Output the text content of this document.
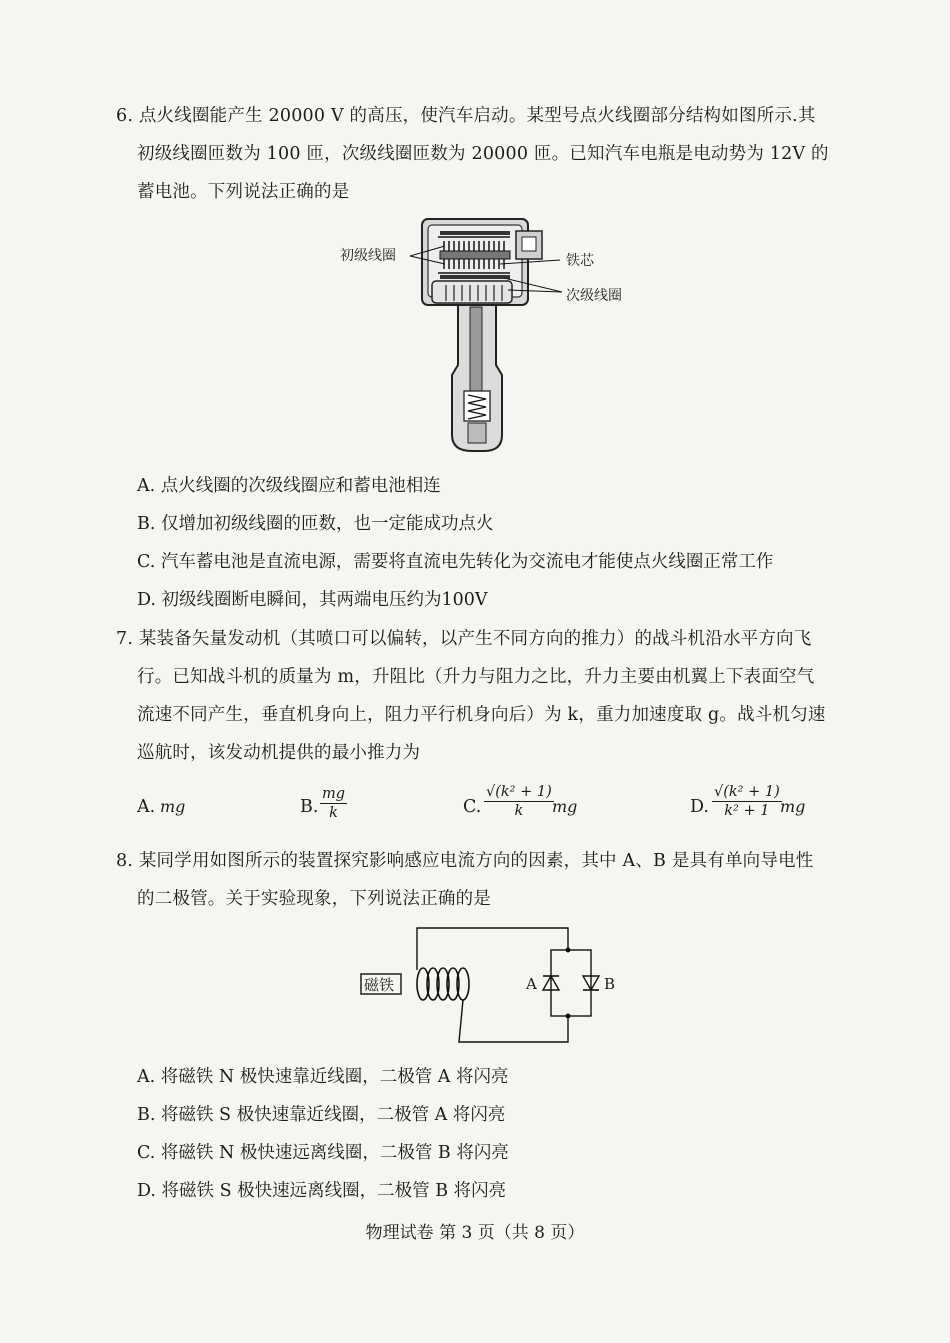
6. 点火线圈能产生 20000 V 的高压，使汽车启动。某型号点火线圈部分结构如图所示.其
初级线圈匝数为 100 匝，次级线圈匝数为 20000 匝。已知汽车电瓶是电动势为 12V 的
蓄电池。下列说法正确的是
初级线圈	铁芯
次级线圈
A. 点火线圈的次级线圈应和蓄电池相连
B. 仅增加初级线圈的匝数，也一定能成功点火
C. 汽车蓄电池是直流电源，需要将直流电先转化为交流电才能使点火线圈正常工作
D. 初级线圈断电瞬间，其两端电压约为100V
7. 某装备矢量发动机（其喷口可以偏转，以产生不同方向的推力）的战斗机沿水平方向飞
行。已知战斗机的质量为 m，升阻比（升力与阻力之比，升力主要由机翼上下表面空气
流速不同产生，垂直机身向上，阻力平行机身向后）为 k，重力加速度取 g。战斗机匀速
巡航时，该发动机提供的最小推力为
A. mg	B. $\frac{mg}{k}$	C. $\frac{\text{√(k² + 1)}}{k}$
mg	D. $\frac{\text{√(k² + 1)}}{\text{k² + 1}}$
mg
8. 某同学用如图所示的装置探究影响感应电流方向的因素，其中 A、B 是具有单向导电性
的二极管。关于实验现象，下列说法正确的是
磁铁	A	B
A. 将磁铁 N 极快速靠近线圈，二极管 A 将闪亮
B. 将磁铁 S 极快速靠近线圈，二极管 A 将闪亮
C. 将磁铁 N 极快速远离线圈，二极管 B 将闪亮
D. 将磁铁 S 极快速远离线圈，二极管 B 将闪亮
物理试卷 第 3 页（共 8 页）
